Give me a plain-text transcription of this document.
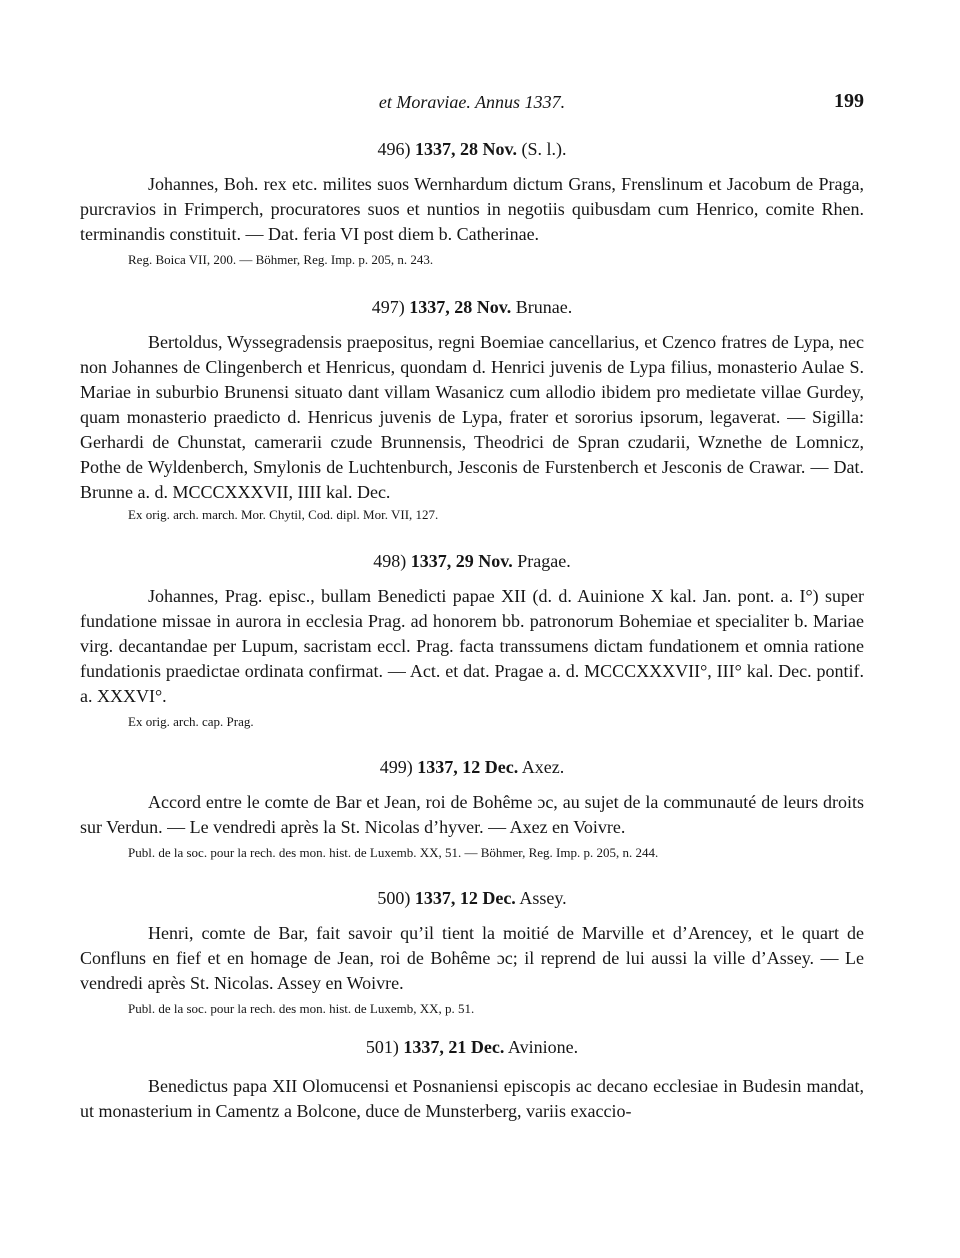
et Moraviae. Annus 1337.	199
496) 1337, 28 Nov. (S. l.).

Johannes, Boh. rex etc. milites suos Wernhardum dictum Grans, Frenslinum et Jacobum de Praga, purcravios in Frimperch, procuratores suos et nuntios in negotiis quibusdam cum Henrico, comite Rhen. terminandis constituit. — Dat. feria VI post diem b. Catherinae.

Reg. Boica VII, 200. — Böhmer, Reg. Imp. p. 205, n. 243.
497) 1337, 28 Nov. Brunae.

Bertoldus, Wyssegradensis praepositus, regni Boemiae cancellarius, et Czenco fratres de Lypa, nec non Johannes de Clingenberch et Henricus, quondam d. Henrici juvenis de Lypa filius, monasterio Aulae S. Mariae in suburbio Brunensi situato dant villam Wasanicz cum allodio ibidem pro medietate villae Gurdey, quam monasterio praedicto d. Henricus juvenis de Lypa, frater et sororius ipsorum, legaverat. — Sigilla: Gerhardi de Chunstat, camerarii czude Brunnensis, Theodrici de Spran czudarii, Wznethe de Lomnicz, Pothe de Wyldenberch, Smylonis de Luchtenburch, Jesconis de Furstenberch et Jesconis de Crawar. — Dat. Brunne a. d. MCCCXXXVII, IIII kal. Dec.

Ex orig. arch. march. Mor. Chytil, Cod. dipl. Mor. VII, 127.
498) 1337, 29 Nov. Pragae.

Johannes, Prag. episc., bullam Benedicti papae XII (d. d. Auinione X kal. Jan. pont. a. I°) super fundatione missae in aurora in ecclesia Prag. ad honorem bb. patronorum Bohemiae et specialiter b. Mariae virg. decantandae per Lupum, sacristam eccl. Prag. facta transsumens dictam fundationem et omnia ratione fundationis praedictae ordinata confirmat. — Act. et dat. Pragae a. d. MCCCXXXVII°, III° kal. Dec. pontif. a. XXXVI°.

Ex orig. arch. cap. Prag.
499) 1337, 12 Dec. Axez.

Accord entre le comte de Bar et Jean, roi de Bohême ɔc, au sujet de la communauté de leurs droits sur Verdun. — Le vendredi après la St. Nicolas d’hyver. — Axez en Voivre.

Publ. de la soc. pour la rech. des mon. hist. de Luxemb. XX, 51. — Böhmer, Reg. Imp. p. 205, n. 244.
500) 1337, 12 Dec. Assey.

Henri, comte de Bar, fait savoir qu’il tient la moitié de Marville et d’Arencey, et le quart de Confluns en fief et en homage de Jean, roi de Bohême ɔc; il reprend de lui aussi la ville d’Assey. — Le vendredi après St. Nicolas. Assey en Woivre.

Publ. de la soc. pour la rech. des mon. hist. de Luxemb, XX, p. 51.
501) 1337, 21 Dec. Avinione.

Benedictus papa XII Olomucensi et Posnaniensi episcopis ac decano ecclesiae in Budesin mandat, ut monasterium in Camentz a Bolcone, duce de Munsterberg, variis exaccio-
